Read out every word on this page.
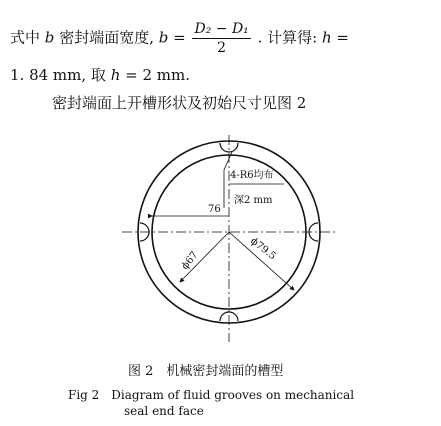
式中 b 密封端面宽度, $b = \frac{\text{D₂ − D₁}}{2}$ . 计算得: h =
1. 84 mm, 取 h = 2 mm.
密封端面上开槽形状及初始尺寸见图 2
4-R6均布
深2 mm
76
ϕ67	ϕ79.5
图 2　机械密封端面的槽型
Fig 2　Diagram of fluid grooves on mechanical
seal end face
